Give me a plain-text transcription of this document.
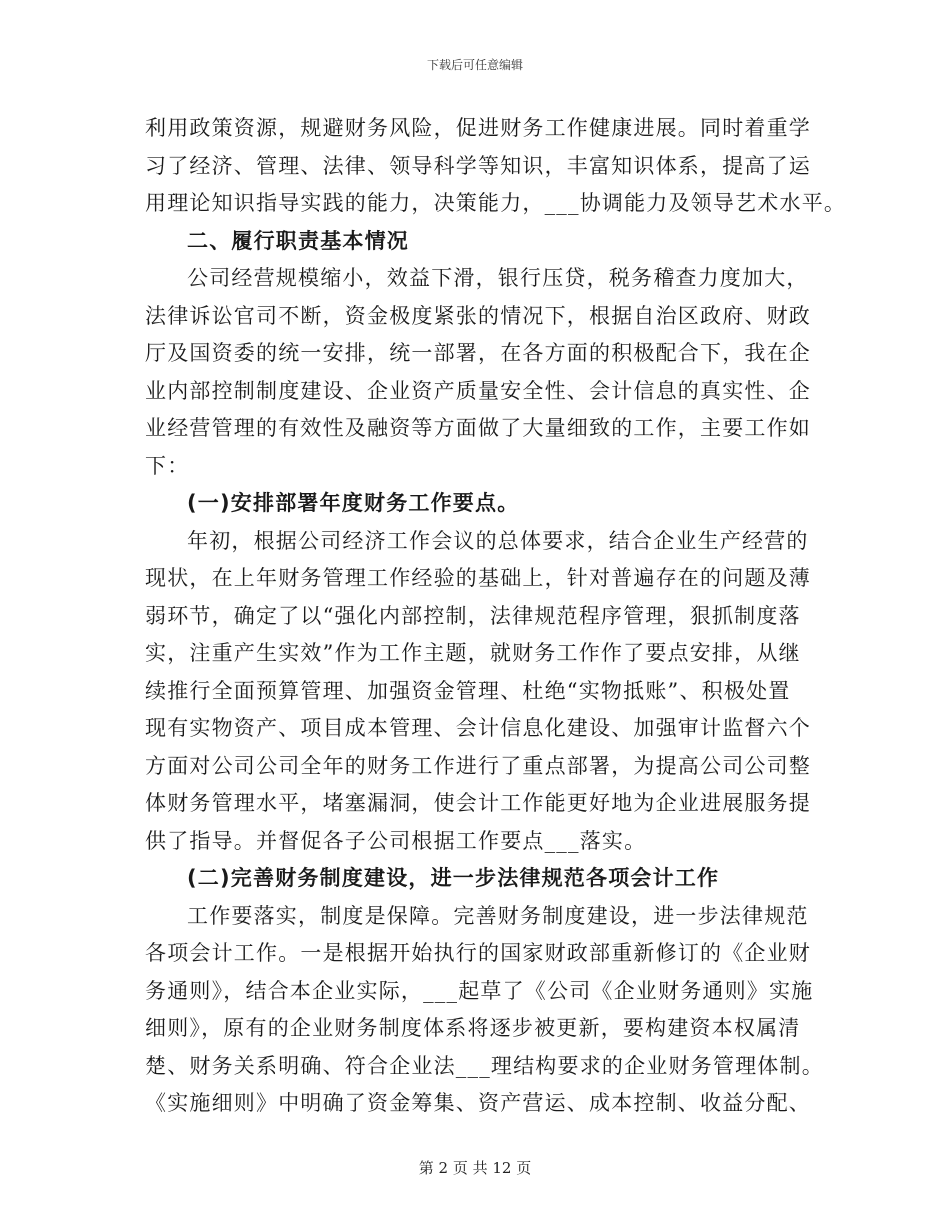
下载后可任意编辑
利用政策资源，规避财务风险，促进财务工作健康进展。同时着重学
习了经济、管理、法律、领导科学等知识，丰富知识体系，提高了运
用理论知识指导实践的能力，决策能力，___协调能力及领导艺术水平。
二、履行职责基本情况
公司经营规模缩小，效益下滑，银行压贷，税务稽查力度加大，
法律诉讼官司不断，资金极度紧张的情况下，根据自治区政府、财政
厅及国资委的统一安排，统一部署，在各方面的积极配合下，我在企
业内部控制制度建设、企业资产质量安全性、会计信息的真实性、企
业经营管理的有效性及融资等方面做了大量细致的工作，主要工作如
下：
(一)安排部署年度财务工作要点。
年初，根据公司经济工作会议的总体要求，结合企业生产经营的
现状，在上年财务管理工作经验的基础上，针对普遍存在的问题及薄
弱环节，确定了以“强化内部控制，法律规范程序管理，狠抓制度落
实，注重产生实效”作为工作主题，就财务工作作了要点安排，从继
续推行全面预算管理、加强资金管理、杜绝“实物抵账”、积极处置
现有实物资产、项目成本管理、会计信息化建设、加强审计监督六个
方面对公司公司全年的财务工作进行了重点部署，为提高公司公司整
体财务管理水平，堵塞漏洞，使会计工作能更好地为企业进展服务提
供了指导。并督促各子公司根据工作要点___落实。
(二)完善财务制度建设，进一步法律规范各项会计工作
工作要落实，制度是保障。完善财务制度建设，进一步法律规范
各项会计工作。一是根据开始执行的国家财政部重新修订的《企业财
务通则》，结合本企业实际，___起草了《公司《企业财务通则》实施
细则》，原有的企业财务制度体系将逐步被更新，要构建资本权属清
楚、财务关系明确、符合企业法___理结构要求的企业财务管理体制。
《实施细则》中明确了资金筹集、资产营运、成本控制、收益分配、
第 2 页 共 12 页
